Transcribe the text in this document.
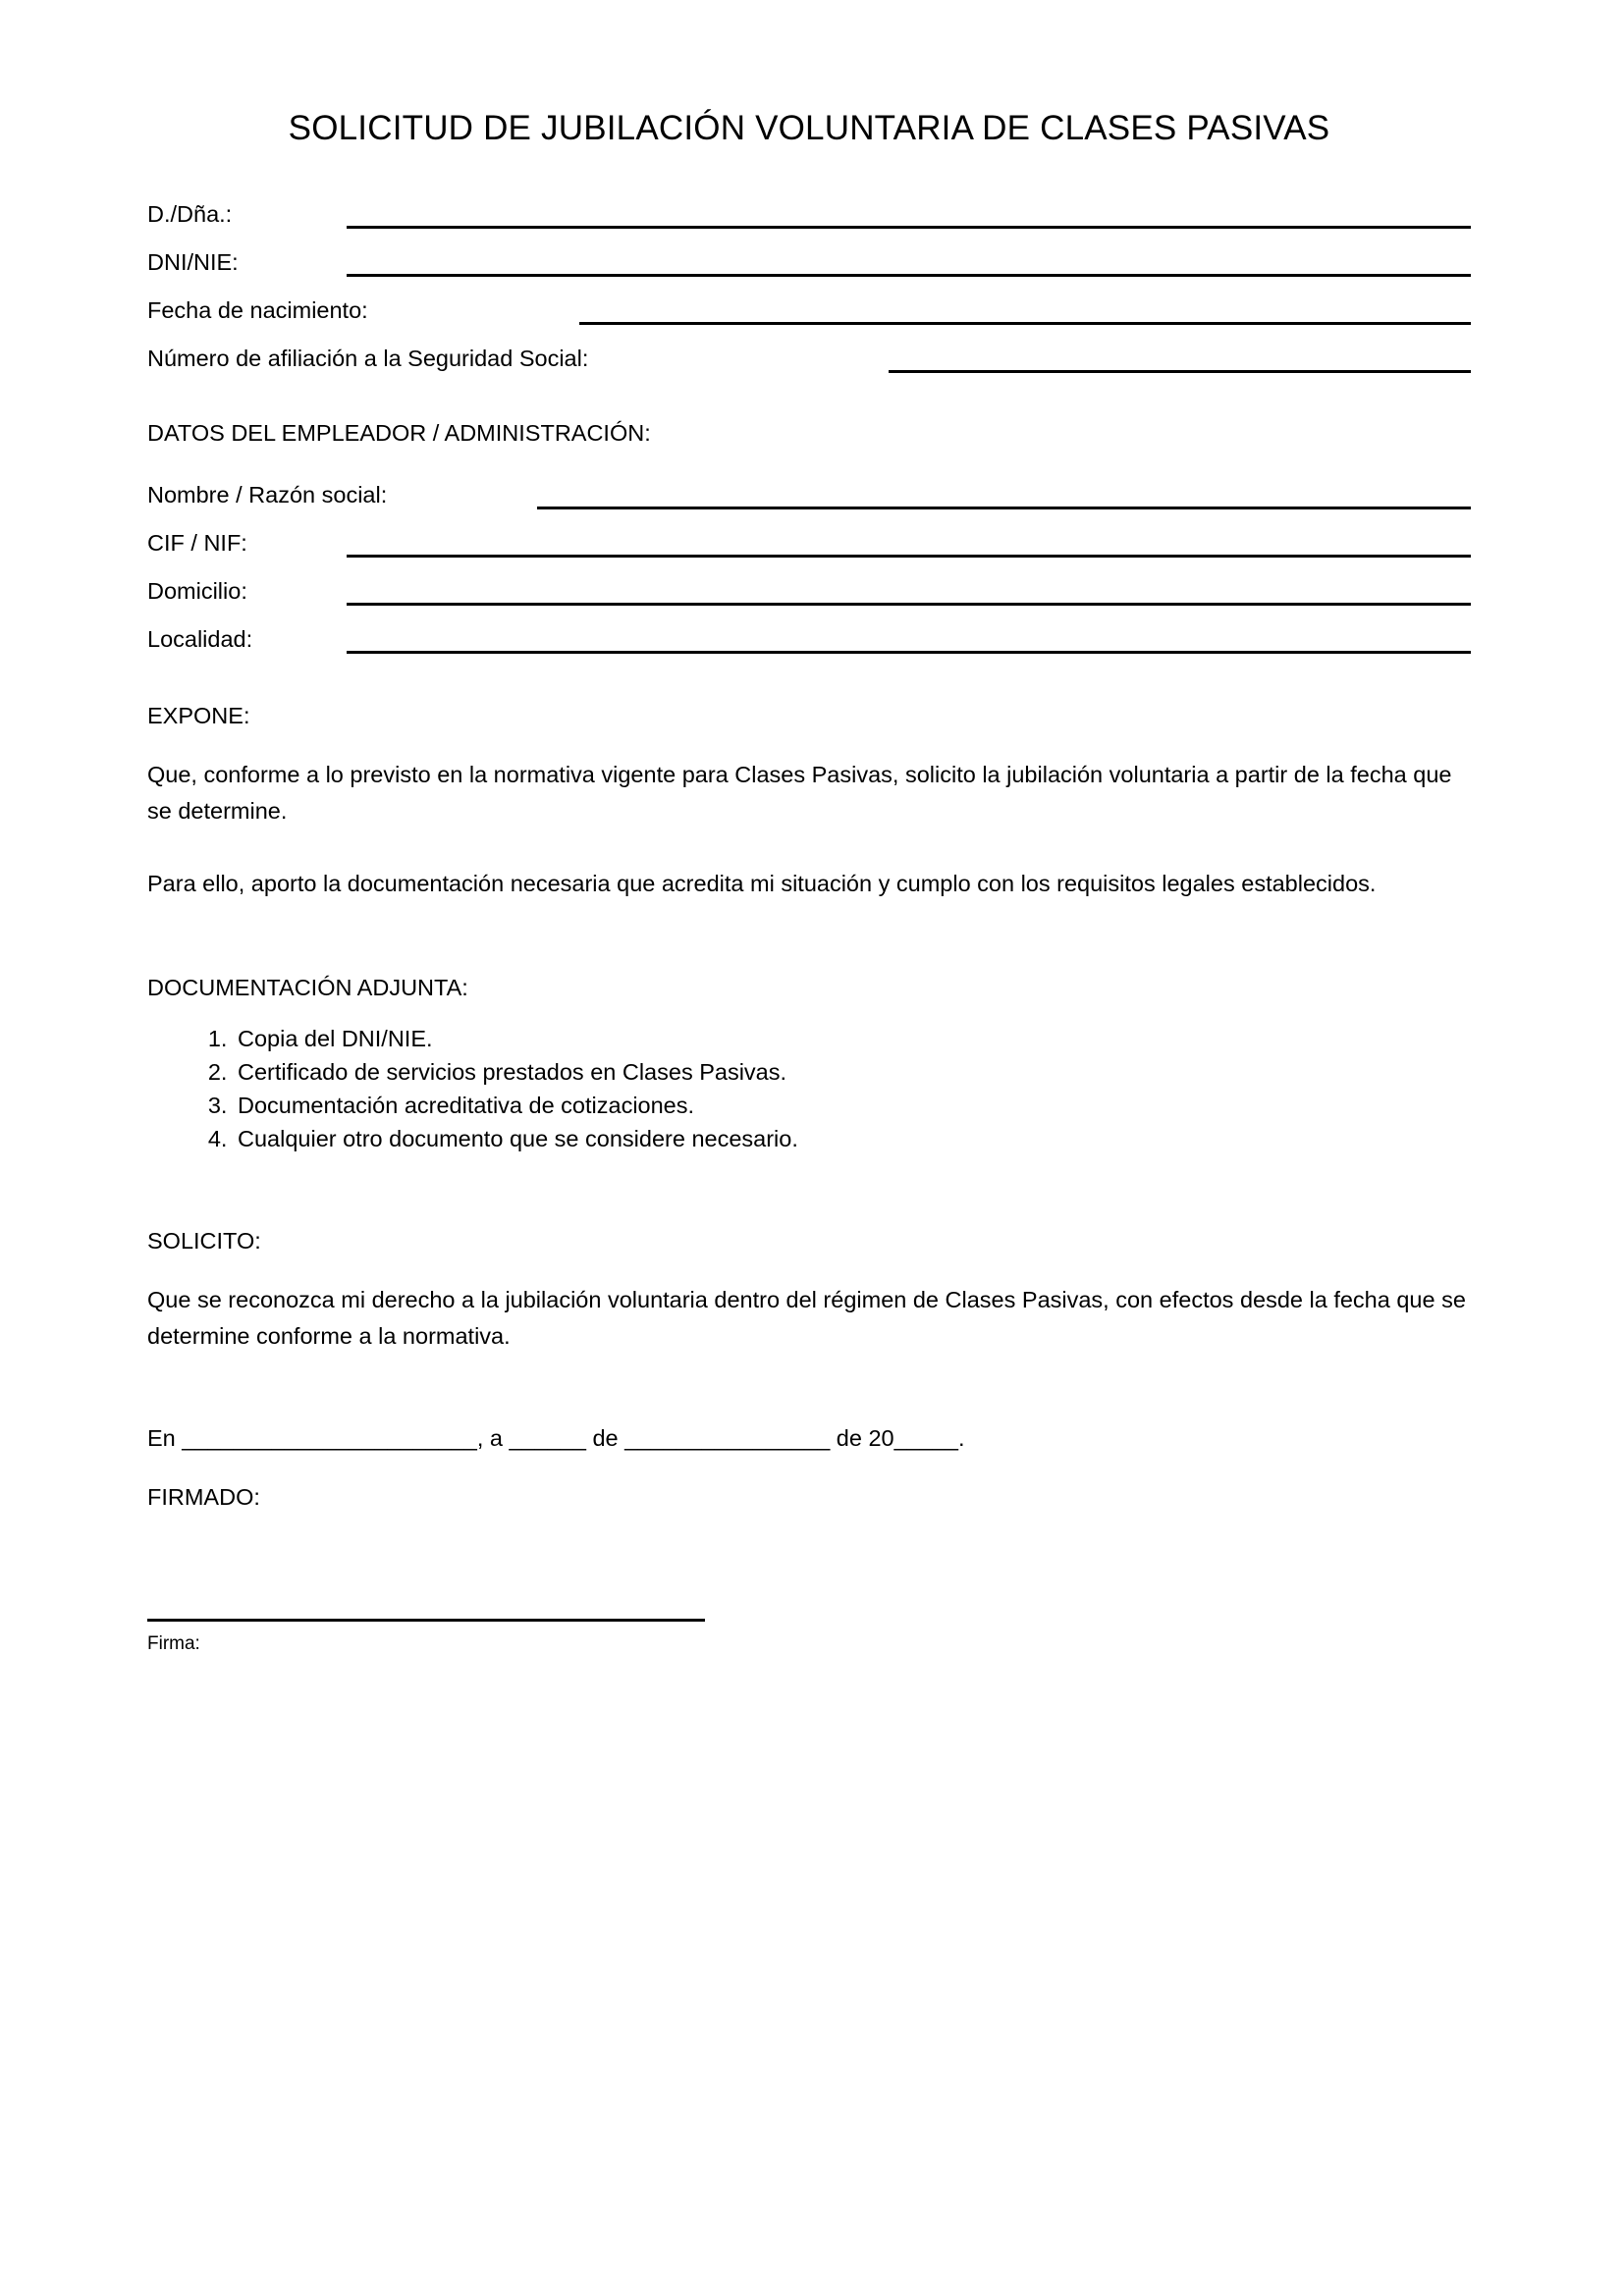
SOLICITUD DE JUBILACIÓN VOLUNTARIA DE CLASES PASIVAS
D./Dña.:
DNI/NIE:
Fecha de nacimiento:
Número de afiliación a la Seguridad Social:

DATOS DEL EMPLEADOR / ADMINISTRACIÓN:

Nombre / Razón social:
CIF / NIF:
Domicilio:
Localidad:

EXPONE:

Que, conforme a lo previsto en la normativa vigente para Clases Pasivas, solicito la jubilación voluntaria a partir de la fecha que se determine.

Para ello, aporto la documentación necesaria que acredita mi situación y cumplo con los requisitos legales establecidos.

DOCUMENTACIÓN ADJUNTA:

1. Copia del DNI/NIE.
2. Certificado de servicios prestados en Clases Pasivas.
3. Documentación acreditativa de cotizaciones.
4. Cualquier otro documento que se considere necesario.

SOLICITO:

Que se reconozca mi derecho a la jubilación voluntaria dentro del régimen de Clases Pasivas, con efectos desde la fecha que se determine conforme a la normativa.

En _______________________, a ______ de ________________ de 20_____.

FIRMADO:

Firma:
